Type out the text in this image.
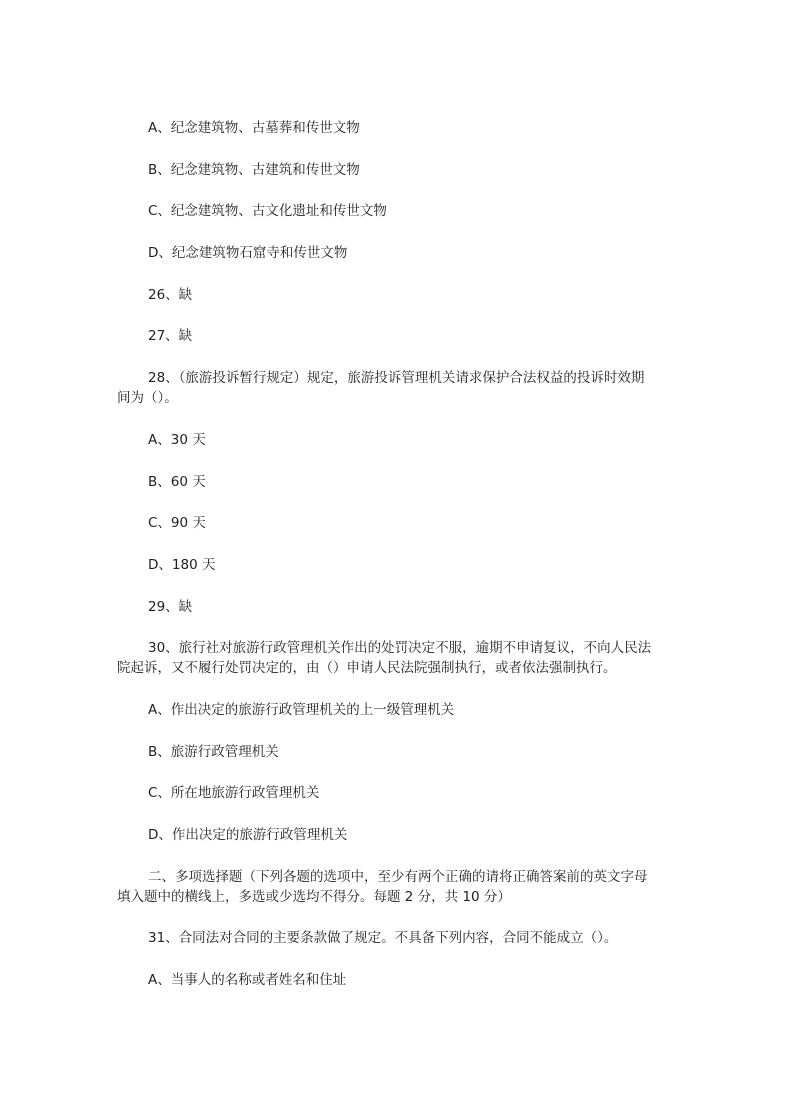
A、纪念建筑物、古墓葬和传世文物

B、纪念建筑物、古建筑和传世文物

C、纪念建筑物、古文化遗址和传世文物

D、纪念建筑物石窟寺和传世文物

26、缺

27、缺

28、（旅游投诉暂行规定）规定，旅游投诉管理机关请求保护合法权益的投诉时效期
间为（）。

A、30 天

B、60 天

C、90 天

D、180 天

29、缺

30、旅行社对旅游行政管理机关作出的处罚决定不服，逾期不申请复议，不向人民法
院起诉，又不履行处罚决定的，由（）申请人民法院强制执行，或者依法强制执行。

A、作出决定的旅游行政管理机关的上一级管理机关

B、旅游行政管理机关

C、所在地旅游行政管理机关

D、作出决定的旅游行政管理机关

二、多项选择题（下列各题的选项中，至少有两个正确的请将正确答案前的英文字母
填入题中的横线上，多选或少选均不得分。每题 2 分，共 10 分）

31、合同法对合同的主要条款做了规定。不具备下列内容，合同不能成立（）。

A、当事人的名称或者姓名和住址
